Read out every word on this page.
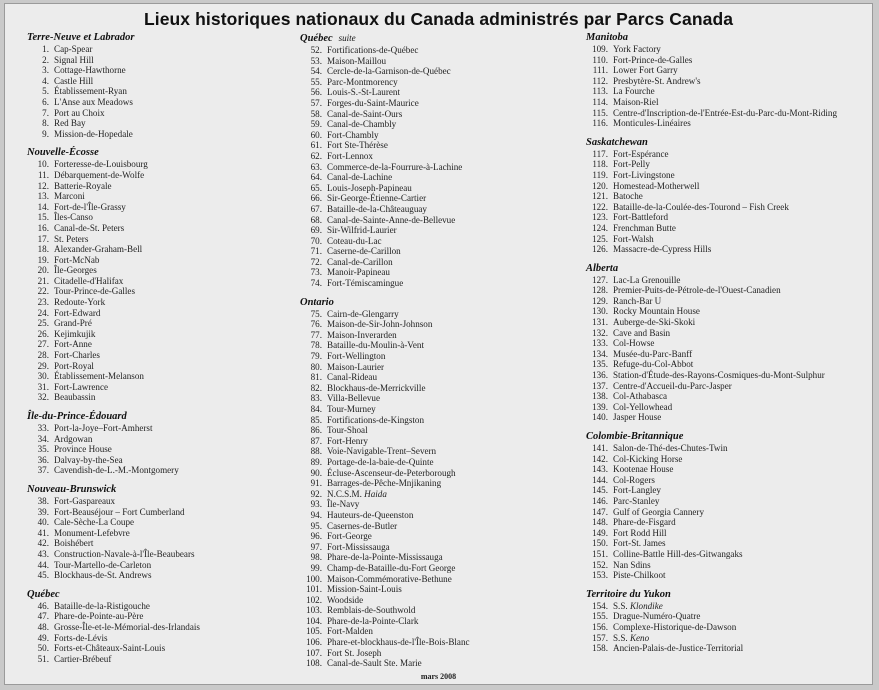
Lieux historiques nationaux du Canada administrés par Parcs Canada
Terre-Neuve et Labrador
1. Cap-Spear
2. Signal Hill
3. Cottage-Hawthorne
4. Castle Hill
5. Établissement-Ryan
6. L'Anse aux Meadows
7. Port au Choix
8. Red Bay
9. Mission-de-Hopedale
Nouvelle-Écosse
10. Forteresse-de-Louisbourg
11. Débarquement-de-Wolfe
12. Batterie-Royale
13. Marconi
14. Fort-de-l'Île-Grassy
15. Îles-Canso
16. Canal-de-St. Peters
17. St. Peters
18. Alexander-Graham-Bell
19. Fort-McNab
20. Île-Georges
21. Citadelle-d'Halifax
22. Tour-Prince-de-Galles
23. Redoute-York
24. Fort-Edward
25. Grand-Pré
26. Kejimkujik
27. Fort-Anne
28. Fort-Charles
29. Port-Royal
30. Établissement-Melanson
31. Fort-Lawrence
32. Beaubassin
Île-du-Prince-Édouard
33. Port-la-Joye–Fort-Amherst
34. Ardgowan
35. Province House
36. Dalvay-by-the-Sea
37. Cavendish-de-L.-M.-Montgomery
Nouveau-Brunswick
38. Fort-Gaspareaux
39. Fort-Beauséjour – Fort Cumberland
40. Cale-Sèche-La Coupe
41. Monument-Lefebvre
42. Boishébert
43. Construction-Navale-à-l'Île-Beaubears
44. Tour-Martello-de-Carleton
45. Blockhaus-de-St. Andrews
Québec
46. Bataille-de-la-Ristigouche
47. Phare-de-Pointe-au-Père
48. Grosse-Île-et-le-Mémorial-des-Irlandais
49. Forts-de-Lévis
50. Forts-et-Châteaux-Saint-Louis
51. Cartier-Brébeuf
Québec suite
52. Fortifications-de-Québec
53. Maison-Maillou
54. Cercle-de-la-Garnison-de-Québec
55. Parc-Montmorency
56. Louis-S.-St-Laurent
57. Forges-du-Saint-Maurice
58. Canal-de-Saint-Ours
59. Canal-de-Chambly
60. Fort-Chambly
61. Fort Ste-Thérèse
62. Fort-Lennox
63. Commerce-de-la-Fourrure-à-Lachine
64. Canal-de-Lachine
65. Louis-Joseph-Papineau
66. Sir-George-Étienne-Cartier
67. Bataille-de-la-Châteauguay
68. Canal-de-Sainte-Anne-de-Bellevue
69. Sir-Wilfrid-Laurier
70. Coteau-du-Lac
71. Caserne-de-Carillon
72. Canal-de-Carillon
73. Manoir-Papineau
74. Fort-Témiscamingue
Ontario
75. Cairn-de-Glengarry
76. Maison-de-Sir-John-Johnson
77. Maison-Inverarden
78. Bataille-du-Moulin-à-Vent
79. Fort-Wellington
80. Maison-Laurier
81. Canal-Rideau
82. Blockhaus-de-Merrickville
83. Villa-Bellevue
84. Tour-Murney
85. Fortifications-de-Kingston
86. Tour-Shoal
87. Fort-Henry
88. Voie-Navigable-Trent–Severn
89. Portage-de-la-baie-de-Quinte
90. Écluse-Ascenseur-de-Peterborough
91. Barrages-de-Pêche-Mnjikaning
92. N.C.S.M. Haida
93. Île-Navy
94. Hauteurs-de-Queenston
95. Casernes-de-Butler
96. Fort-George
97. Fort-Mississauga
98. Phare-de-la-Pointe-Mississauga
99. Champ-de-Bataille-du-Fort George
100. Maison-Commémorative-Bethune
101. Mission-Saint-Louis
102. Woodside
103. Remblais-de-Southwold
104. Phare-de-la-Pointe-Clark
105. Fort-Malden
106. Phare-et-blockhaus-de-l'Île-Bois-Blanc
107. Fort St. Joseph
108. Canal-de-Sault Ste. Marie
Manitoba
109. York Factory
110. Fort-Prince-de-Galles
111. Lower Fort Garry
112. Presbytère-St. Andrew's
113. La Fourche
114. Maison-Riel
115. Centre-d'Inscription-de-l'Entrée-Est-du-Parc-du-Mont-Riding
116. Monticules-Linéaires
Saskatchewan
117. Fort-Espérance
118. Fort-Pelly
119. Fort-Livingstone
120. Homestead-Motherwell
121. Batoche
122. Bataille-de-la-Coulée-des-Tourond – Fish Creek
123. Fort-Battleford
124. Frenchman Butte
125. Fort-Walsh
126. Massacre-de-Cypress Hills
Alberta
127. Lac-La Grenouille
128. Premier-Puits-de-Pétrole-de-l'Ouest-Canadien
129. Ranch-Bar U
130. Rocky Mountain House
131. Auberge-de-Ski-Skoki
132. Cave and Basin
133. Col-Howse
134. Musée-du-Parc-Banff
135. Refuge-du-Col-Abbot
136. Station-d'Étude-des-Rayons-Cosmiques-du-Mont-Sulphur
137. Centre-d'Accueil-du-Parc-Jasper
138. Col-Athabasca
139. Col-Yellowhead
140. Jasper House
Colombie-Britannique
141. Salon-de-Thé-des-Chutes-Twin
142. Col-Kicking Horse
143. Kootenae House
144. Col-Rogers
145. Fort-Langley
146. Parc-Stanley
147. Gulf of Georgia Cannery
148. Phare-de-Fisgard
149. Fort Rodd Hill
150. Fort-St. James
151. Colline-Battle Hill-des-Gitwangaks
152. Nan Sdins
153. Piste-Chilkoot
Territoire du Yukon
154. S.S. Klondike
155. Drague-Numéro-Quatre
156. Complexe-Historique-de-Dawson
157. S.S. Keno
158. Ancien-Palais-de-Justice-Territorial
mars 2008
